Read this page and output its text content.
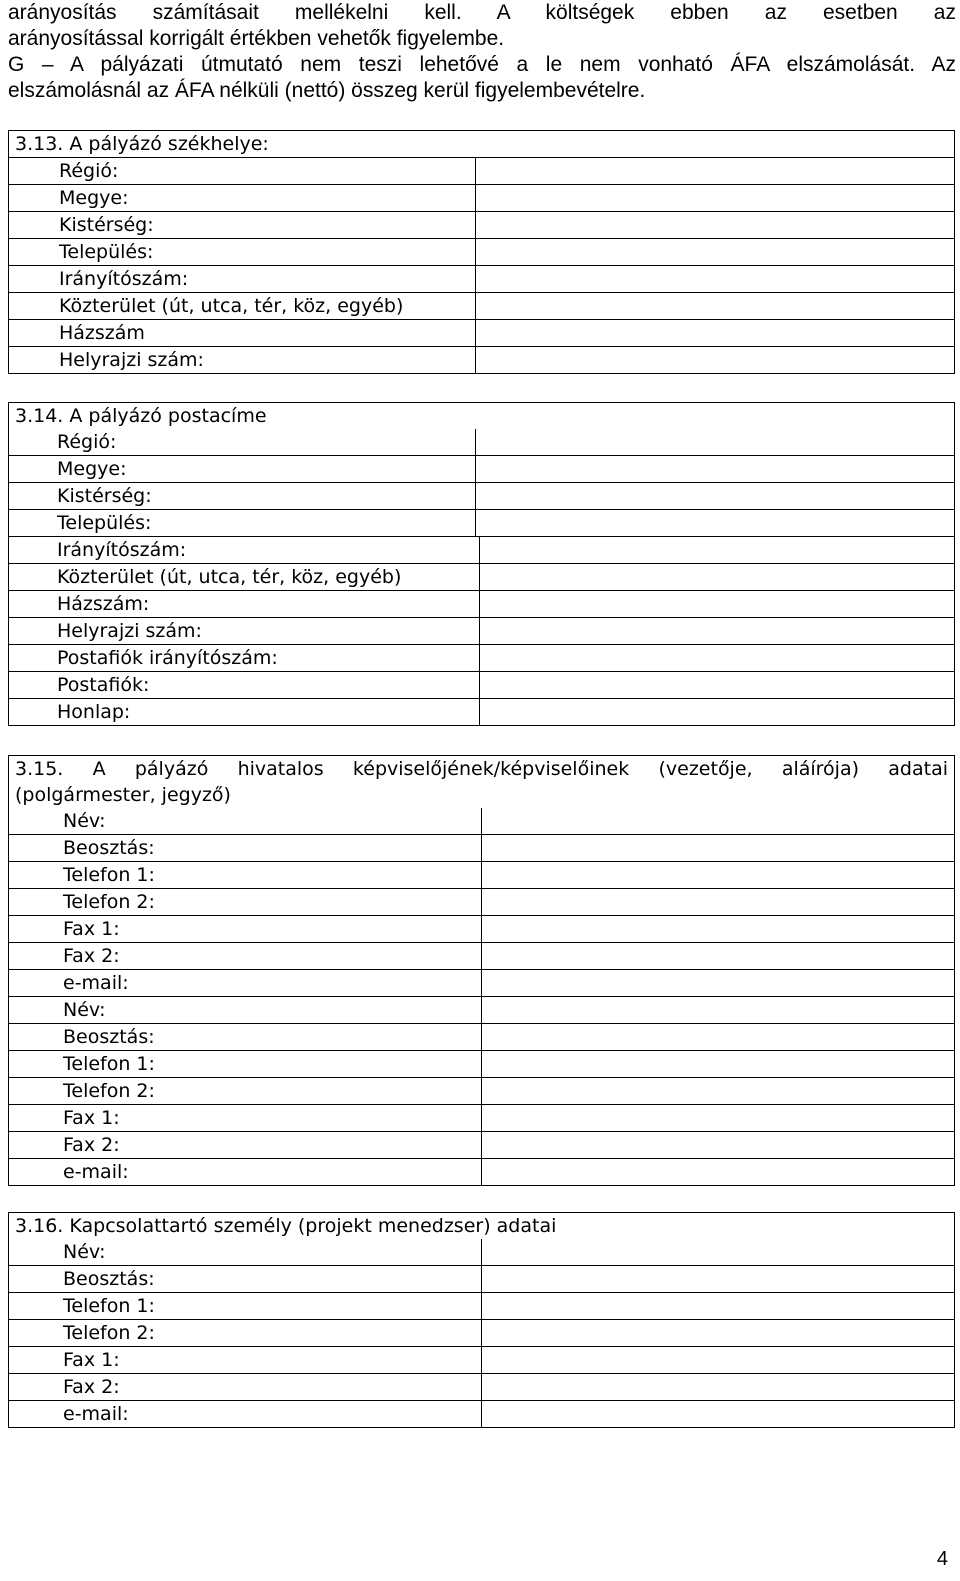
arányosítás számításait mellékelni kell. A költségek ebben az esetben az

arányosítással korrigált értékben vehetők figyelembe.

G – A pályázati útmutató nem teszi lehetővé a le nem vonható ÁFA elszámolását. Az

elszámolásnál az ÁFA nélküli (nettó) összeg kerül figyelembevételre.

3.13. A pályázó székhelye:
Régió:
Megye:
Kistérség:
Település:
Irányítószám:
Közterület (út, utca, tér, köz, egyéb)
Házszám
Helyrajzi szám:
3.14. A pályázó postacíme
Régió:
Megye:
Kistérség:
Település:
Irányítószám:
Közterület (út, utca, tér, köz, egyéb)
Házszám:
Helyrajzi szám:
Postafiók irányítószám:
Postafiók:
Honlap:
3.15. A pályázó hivatalos képviselőjének/képviselőinek (vezetője, aláírója) adatai
(polgármester, jegyző)
Név:
Beosztás:
Telefon 1:
Telefon 2:
Fax 1:
Fax 2:
e-mail:
Név:
Beosztás:
Telefon 1:
Telefon 2:
Fax 1:
Fax 2:
e-mail:
3.16. Kapcsolattartó személy (projekt menedzser) adatai
Név:
Beosztás:
Telefon 1:
Telefon 2:
Fax 1:
Fax 2:
e-mail:
4
